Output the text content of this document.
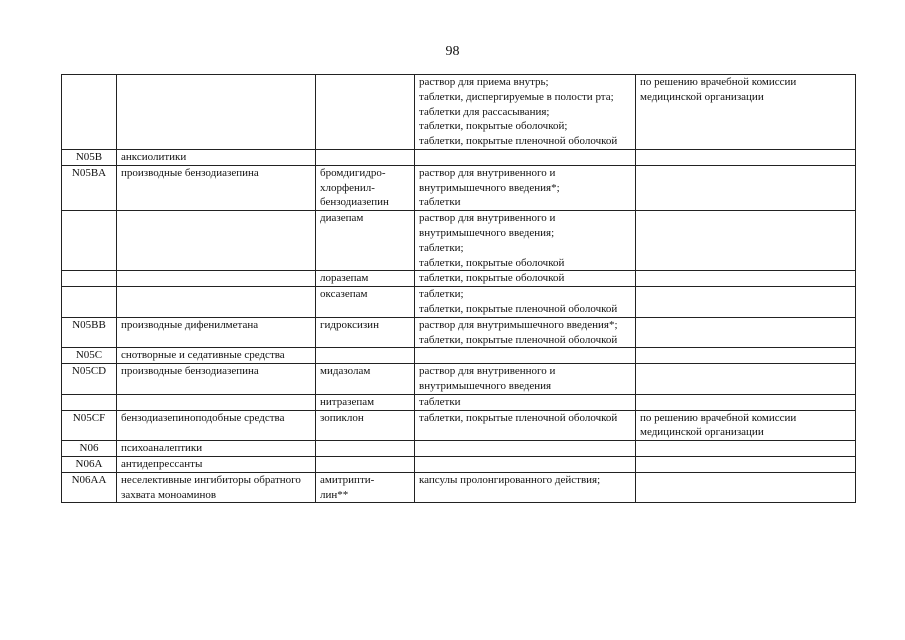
98
			раствор для приема внутрь;
таблетки, диспергируемые в полости рта;
таблетки для рассасывания;
таблетки, покрытые оболочкой;
таблетки, покрытые пленочной оболочкой	по решению врачебной комиссии медицинской организации
N05B	анксиолитики			
N05BA	производные бензодиазепина	бромдигидро-
хлорфенил-
бензодиазепин	раствор для внутривенного и внутримышечного введения*;
таблетки	
		диазепам	раствор для внутривенного и внутримышечного введения;
таблетки;
таблетки, покрытые оболочкой	
		лоразепам	таблетки, покрытые оболочкой	
		оксазепам	таблетки;
таблетки, покрытые пленочной оболочкой	
N05BB	производные дифенилметана	гидроксизин	раствор для внутримышечного введения*;
таблетки, покрытые пленочной оболочкой	
N05C	снотворные и седативные средства			
N05CD	производные бензодиазепина	мидазолам	раствор для внутривенного и внутримышечного введения	
		нитразепам	таблетки	
N05CF	бензодиазепиноподобные средства	зопиклон	таблетки, покрытые пленочной оболочкой	по решению врачебной комиссии медицинской организации
N06	психоаналептики			
N06A	антидепрессанты			
N06AA	неселективные ингибиторы обратного захвата моноаминов	амитрипти-
лин**	капсулы пролонгированного действия;	
